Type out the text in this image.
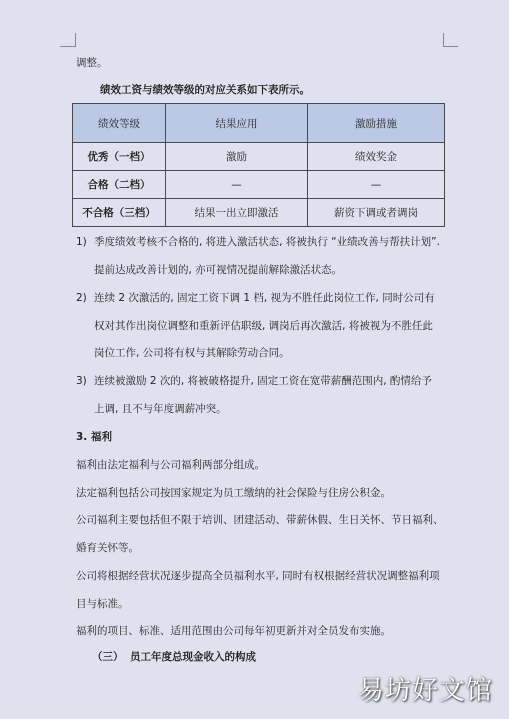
调整。
绩效工资与绩效等级的对应关系如下表所示。
绩效等级	结果应用	激励措施
优秀（一档）	激励	绩效奖金
合格（二档）	—	—
不合格（三档）	结果一出立即激活	薪资下调或者调岗
1) 季度绩效考核不合格的, 将进入激活状态, 将被执行 “业绩改善与帮扶计划”.
提前达成改善计划的, 亦可视情况提前解除激活状态。
2) 连续 2 次激活的, 固定工资下调 1 档, 视为不胜任此岗位工作, 同时公司有
权对其作出岗位调整和重新评估职级, 调岗后再次激活, 将被视为不胜任此
岗位工作, 公司将有权与其解除劳动合同。
3) 连续被激励 2 次的, 将被破格提升, 固定工资在宽带薪酬范围内, 酌情给予
上调, 且不与年度调薪冲突。
3. 福利
福利由法定福利与公司福利两部分组成。
法定福利包括公司按国家规定为员工缴纳的社会保险与住房公积金。
公司福利主要包括但不限于培训、团建活动、带薪休假、生日关怀、节日福利、
婚育关怀等。
公司将根据经营状况逐步提高全员福利水平, 同时有权根据经营状况调整福利项
目与标准。
福利的项目、标准、适用范围由公司每年初更新并对全员发布实施。
（三） 员工年度总现金收入的构成
易坊好文馆
